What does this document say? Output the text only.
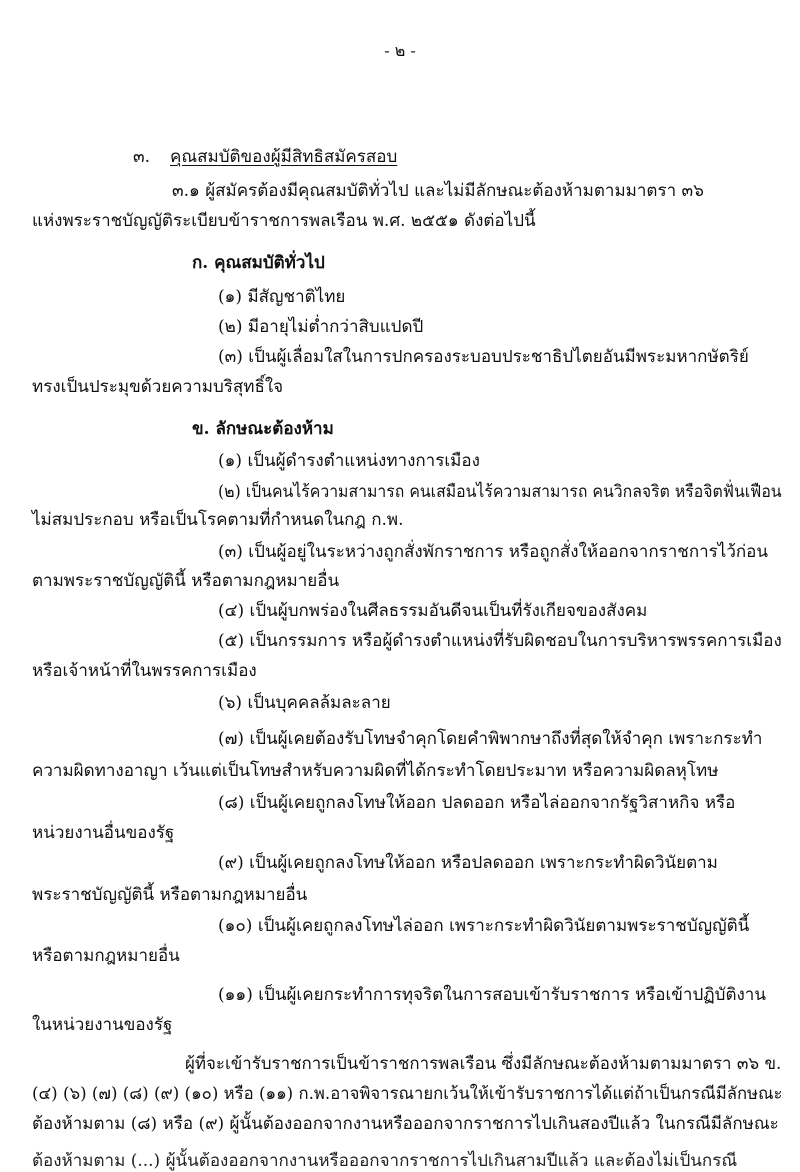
- ๒ -
๓. คุณสมบัติของผู้มีสิทธิสมัครสอบ
๓.๑ ผู้สมัครต้องมีคุณสมบัติทั่วไป และไม่มีลักษณะต้องห้ามตามมาตรา ๓๖
แห่งพระราชบัญญัติระเบียบข้าราชการพลเรือน พ.ศ. ๒๕๕๑ ดังต่อไปนี้
ก. คุณสมบัติทั่วไป
(๑) มีสัญชาติไทย
(๒) มีอายุไม่ต่ำกว่าสิบแปดปี
(๓) เป็นผู้เลื่อมใสในการปกครองระบอบประชาธิปไตยอันมีพระมหากษัตริย์
ทรงเป็นประมุขด้วยความบริสุทธิ์ใจ
ข. ลักษณะต้องห้าม
(๑) เป็นผู้ดำรงตำแหน่งทางการเมือง
(๒) เป็นคนไร้ความสามารถ คนเสมือนไร้ความสามารถ คนวิกลจริต หรือจิตฟั่นเฟือน
ไม่สมประกอบ หรือเป็นโรคตามที่กำหนดในกฎ ก.พ.
(๓) เป็นผู้อยู่ในระหว่างถูกสั่งพักราชการ หรือถูกสั่งให้ออกจากราชการไว้ก่อน
ตามพระราชบัญญัตินี้ หรือตามกฎหมายอื่น
(๔) เป็นผู้บกพร่องในศีลธรรมอันดีจนเป็นที่รังเกียจของสังคม
(๕) เป็นกรรมการ หรือผู้ดำรงตำแหน่งที่รับผิดชอบในการบริหารพรรคการเมือง
หรือเจ้าหน้าที่ในพรรคการเมือง
(๖) เป็นบุคคลล้มละลาย
(๗) เป็นผู้เคยต้องรับโทษจำคุกโดยคำพิพากษาถึงที่สุดให้จำคุก เพราะกระทำ
ความผิดทางอาญา เว้นแต่เป็นโทษสำหรับความผิดที่ได้กระทำโดยประมาท หรือความผิดลหุโทษ
(๘) เป็นผู้เคยถูกลงโทษให้ออก ปลดออก หรือไล่ออกจากรัฐวิสาหกิจ หรือ
หน่วยงานอื่นของรัฐ
(๙) เป็นผู้เคยถูกลงโทษให้ออก หรือปลดออก เพราะกระทำผิดวินัยตาม
พระราชบัญญัตินี้ หรือตามกฎหมายอื่น
(๑๐) เป็นผู้เคยถูกลงโทษไล่ออก เพราะกระทำผิดวินัยตามพระราชบัญญัตินี้
หรือตามกฎหมายอื่น
(๑๑) เป็นผู้เคยกระทำการทุจริตในการสอบเข้ารับราชการ หรือเข้าปฏิบัติงาน
ในหน่วยงานของรัฐ
ผู้ที่จะเข้ารับราชการเป็นข้าราชการพลเรือน ซึ่งมีลักษณะต้องห้ามตามมาตรา ๓๖ ข.
(๔) (๖) (๗) (๘) (๙) (๑๐) หรือ (๑๑) ก.พ.อาจพิจารณายกเว้นให้เข้ารับราชการได้แต่ถ้าเป็นกรณีมีลักษณะ
ต้องห้ามตาม (๘) หรือ (๙) ผู้นั้นต้องออกจากงานหรือออกจากราชการไปเกินสองปีแล้ว ในกรณีมีลักษณะ
ต้องห้ามตาม (...) ผู้นั้นต้องออกจากงานหรือออกจากราชการไปเกินสามปีแล้ว และต้องไม่เป็นกรณี
